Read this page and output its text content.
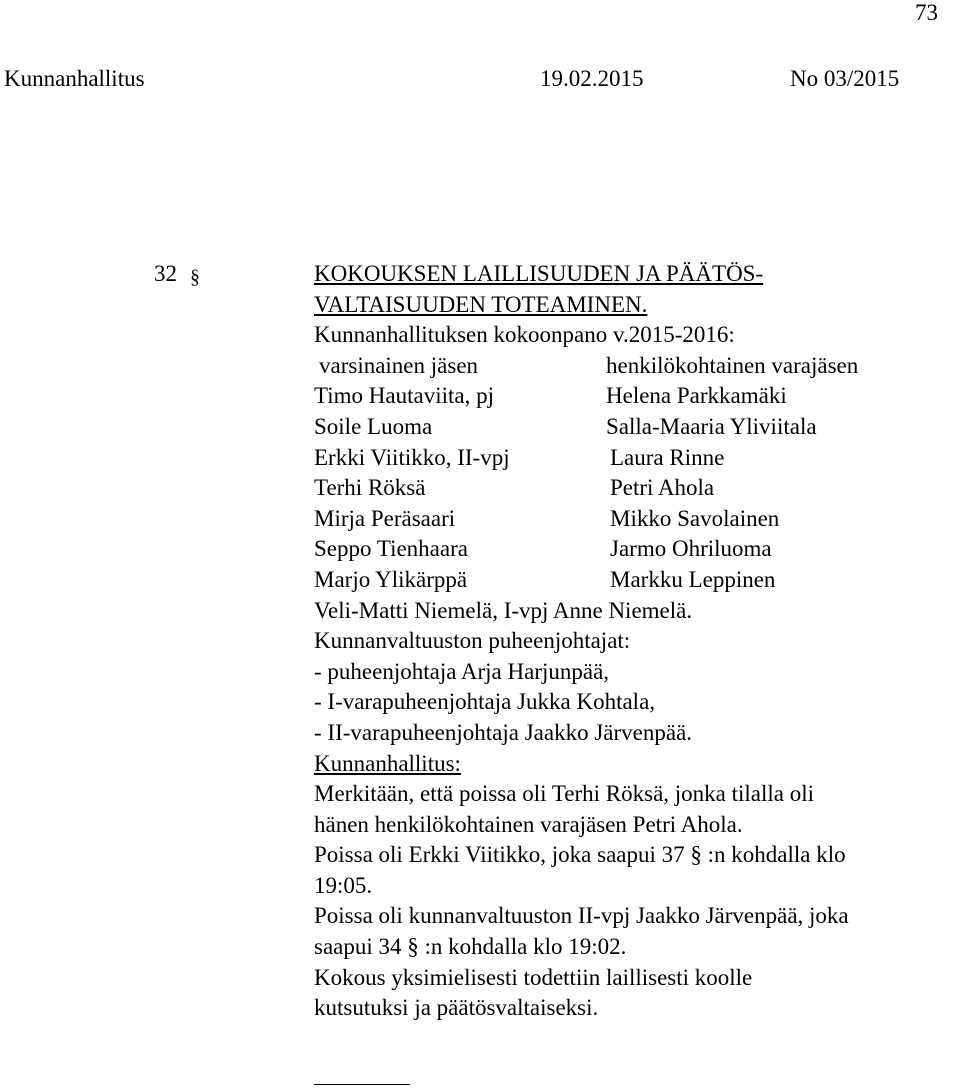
73
Kunnanhallitus	19.02.2015	No 03/2015
32 §	KOKOUKSEN LAILLISUUDEN JA PÄÄTÖS-
VALTAISUUDEN TOTEAMINEN.
Kunnanhallituksen kokoonpano v.2015-2016:
varsinainen jäsen	henkilökohtainen varajäsen
Timo Hautaviita, pj	Helena Parkkamäki
Soile Luoma	Salla-Maaria Yliviitala
Erkki Viitikko, II-vpj	Laura Rinne
Terhi Röksä	Petri Ahola
Mirja Peräsaari	Mikko Savolainen
Seppo Tienhaara	Jarmo Ohriluoma
Marjo Ylikärppä	Markku Leppinen
Veli-Matti Niemelä, I-vpj Anne Niemelä.
Kunnanvaltuuston puheenjohtajat:
- puheenjohtaja Arja Harjunpää,
- I-varapuheenjohtaja Jukka Kohtala,
- II-varapuheenjohtaja Jaakko Järvenpää.
Kunnanhallitus:
Merkitään, että poissa oli Terhi Röksä, jonka tilalla oli
hänen henkilökohtainen varajäsen Petri Ahola.
Poissa oli Erkki Viitikko, joka saapui 37 § :n kohdalla klo
19:05.
Poissa oli kunnanvaltuuston II-vpj Jaakko Järvenpää, joka
saapui 34 § :n kohdalla klo 19:02.
Kokous yksimielisesti todettiin laillisesti koolle
kutsutuksi ja päätösvaltaiseksi.
